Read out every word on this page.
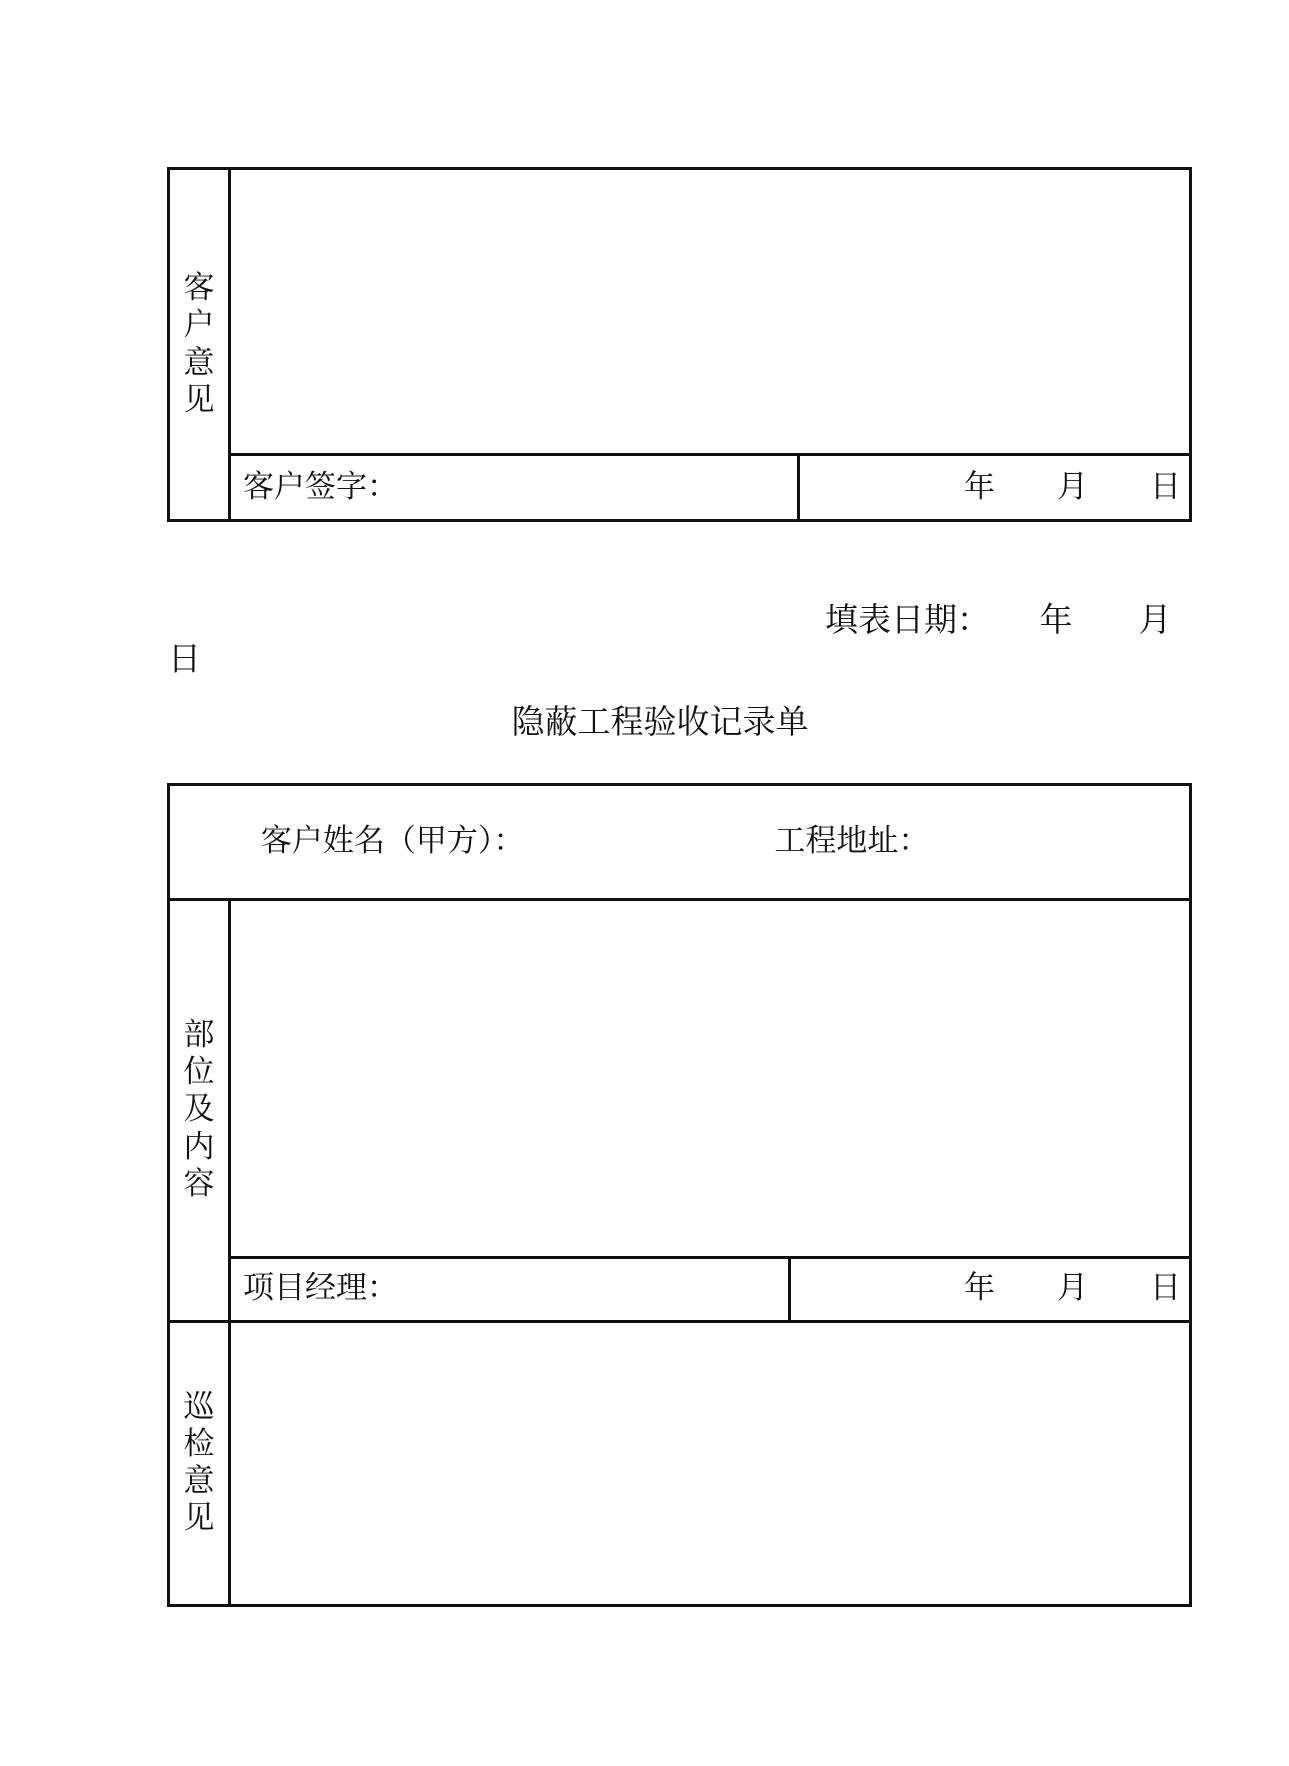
客
户
意
见		

	客户签字：	年　　月　　日
填表日期：　　年　　月
日
隐蔽工程验收记录单

客户姓名（甲方）： 工程地址：		

部
位
及
内
容		

	项目经理：	年　　月　　日

巡
检
意
见		
